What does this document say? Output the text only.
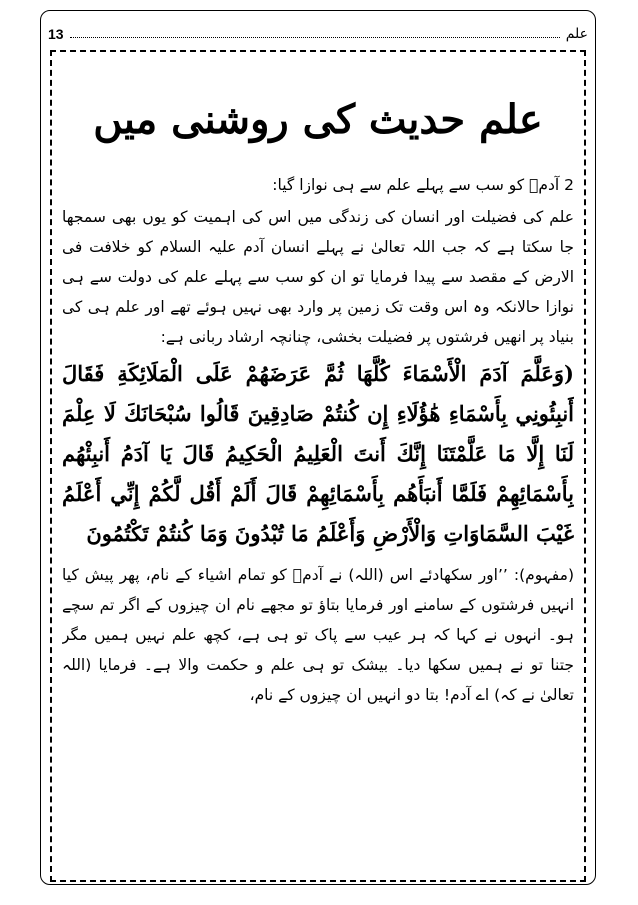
13	علم
علم حدیث کی روشنی میں

2 آدمؑ کو سب سے پہلے علم سے ہی نوازا گیا:

علم کی فضیلت اور انسان کی زندگی میں اس کی اہمیت کو یوں بھی سمجھا جا سکتا ہے کہ جب اللہ تعالیٰ نے پہلے انسان آدم علیہ السلام کو خلافت فی الارض کے مقصد سے پیدا فرمایا تو ان کو سب سے پہلے علم کی دولت سے ہی نوازا حالانکہ وہ اس وقت تک زمین پر وارد بھی نہیں ہوئے تھے اور علم ہی کی بنیاد پر انھیں فرشتوں پر فضیلت بخشی، چنانچہ ارشاد ربانی ہے:

(وَعَلَّمَ آدَمَ الْأَسْمَاءَ كُلَّهَا ثُمَّ عَرَضَهُمْ عَلَى الْمَلَائِكَةِ فَقَالَ أَنبِئُونِي بِأَسْمَاءِ هَٰؤُلَاءِ إِن كُنتُمْ صَادِقِينَ قَالُوا سُبْحَانَكَ لَا عِلْمَ لَنَا إِلَّا مَا عَلَّمْتَنَا إِنَّكَ أَنتَ الْعَلِيمُ الْحَكِيمُ قَالَ يَا آدَمُ أَنبِئْهُم بِأَسْمَائِهِمْ فَلَمَّا أَنبَأَهُم بِأَسْمَائِهِمْ قَالَ أَلَمْ أَقُل لَّكُمْ إِنِّي أَعْلَمُ غَيْبَ السَّمَاوَاتِ وَالْأَرْضِ وَأَعْلَمُ مَا تُبْدُونَ وَمَا كُنتُمْ تَكْتُمُونَ

(مفہوم): ’’اور سکھادئے اس (اللہ) نے آدمؑ کو تمام اشیاء کے نام، پھر پیش کیا انہیں فرشتوں کے سامنے اور فرمایا بتاؤ تو مجھے نام ان چیزوں کے اگر تم سچے ہو۔ انہوں نے کہا کہ ہر عیب سے پاک تو ہی ہے، کچھ علم نہیں ہمیں مگر جتنا تو نے ہمیں سکھا دیا۔ بیشک تو ہی علم و حکمت والا ہے۔ فرمایا (اللہ تعالیٰ نے کہ) اے آدم! بتا دو انہیں ان چیزوں کے نام،
